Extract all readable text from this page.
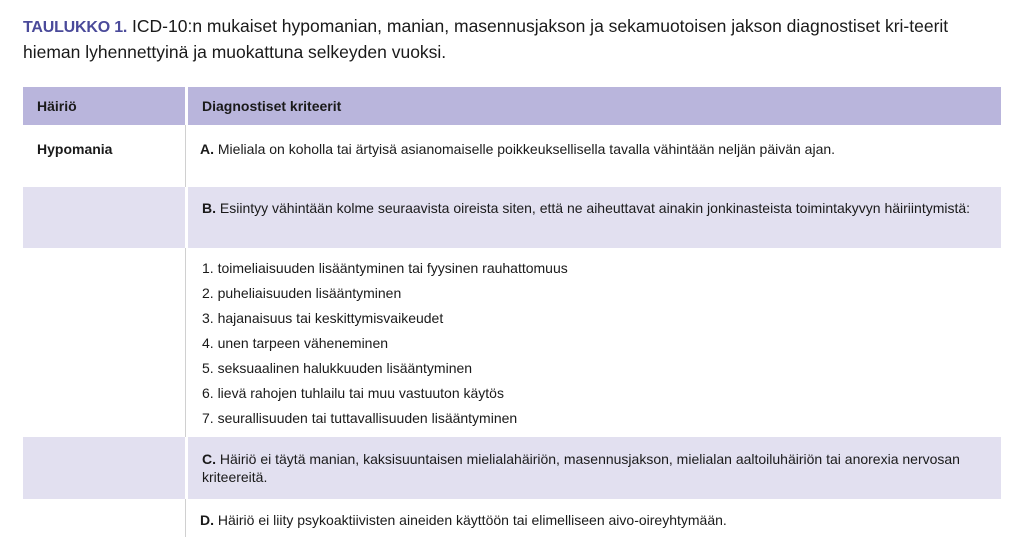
TAULUKKO 1. ICD-10:n mukaiset hypomanian, manian, masennusjakson ja sekamuotoisen jakson diagnostiset kri-teerit hieman lyhennettyinä ja muokattuna selkeyden vuoksi.
Häiriö	Diagnostiset kriteerit
Hypomania	A. Mieliala on koholla tai ärtyisä asianomaiselle poikkeuksellisella tavalla vähintään neljän päivän ajan.
B. Esiintyy vähintään kolme seuraavista oireista siten, että ne aiheuttavat ainakin jonkinasteista toimintakyvyn häiriintymistä:
1. toimeliaisuuden lisääntyminen tai fyysinen rauhattomuus
2. puheliaisuuden lisääntyminen
3. hajanaisuus tai keskittymisvaikeudet
4. unen tarpeen väheneminen
5. seksuaalinen halukkuuden lisääntyminen
6. lievä rahojen tuhlailu tai muu vastuuton käytös
7. seurallisuuden tai tuttavallisuuden lisääntyminen
C. Häiriö ei täytä manian, kaksisuuntaisen mielialahäiriön, masennusjakson, mielialan aaltoiluhäiriön tai anorexia nervosan kriteereitä.
D. Häiriö ei liity psykoaktiivisten aineiden käyttöön tai elimelliseen aivo-oireyhtymään.
